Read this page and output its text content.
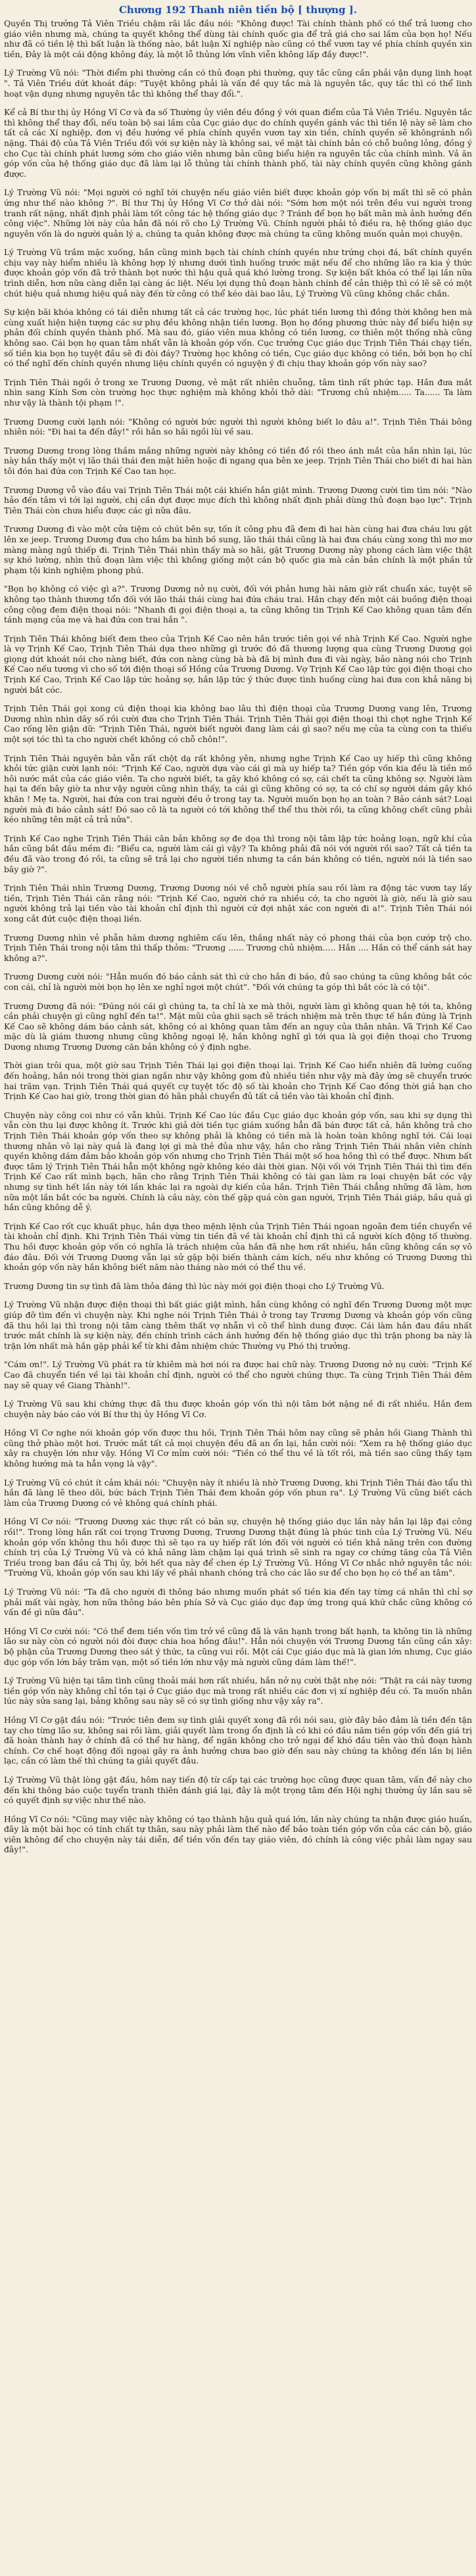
Chương 192 Thanh niên tiền bộ [ thượng ].

Quyền Thị trưởng Tả Viên Triều chậm rãi lắc đầu nói: "Không được! Tài chính thành phố có thể trả lương cho giáo viên nhưng mà, chúng ta quyết không thể dùng tài chính quốc gia để trả giá cho sai lầm của bọn họ! Nếu như đã có tiền lệ thì bất luận là thống nào, bắt luận Xí nghiệp nào cũng có thể vươn tay về phía chính quyền xin tiền, Đây là một cái động không đáy, là một lỗ thủng lớn vĩnh viễn không lấp đầy được!".

Lý Trường Vũ nói: "Thời điểm phi thường cần có thủ đoạn phi thường, quy tắc cũng cần phải vận dụng linh hoạt ". Tả Viên Triều dứt khoát đáp: "Tuyệt không phải là vấn đề quy tắc mà là nguyên tắc, quy tắc thì có thể linh hoạt vận dụng nhưng nguyên tắc thì không thể thay đổi.".

Kể cả Bí thư thị ủy Hồng Vĩ Cơ và đa số Thường ủy viên đều đồng ý với quan điểm của Tả Viên Triều. Nguyên tắc thì không thể thay đổi, nếu toàn bộ sai lầm của Cục giáo dục do chính quyền gánh vác thì tiền lệ này sẽ làm cho tất cả các Xí nghiệp, đơn vị đều hướng về phía chính quyền vươn tay xin tiền, chính quyền sẽ khôngránh nổi nặng. Thái độ của Tả Viên Triều đối với sự kiện này là không sai, về mặt tài chính bản có chỗ buông lỏng, đồng ý cho Cục tài chính phát lương sớm cho giáo viên nhưng bản cũng biểu hiện ra nguyên tắc của chính mình. Vả ăn góp vốn của hệ thống giáo dục đã làm lại lỗ thủng tài chính thành phố, tài này chính quyền cũng không gánh được.

Lý Trường Vũ nói: "Mọi người có nghĩ tới chuyện nếu giáo viên biết được khoản góp vốn bị mất thì sẽ có phản ứng như thế nào không ?". Bí thư Thị ủy Hồng Vĩ Cơ thở dài nói: "Sớm hơn một nói trên đều vui người trong tranh rất nặng, nhất định phải làm tốt công tác hệ thống giáo dục ? Tránh để bọn họ bất mãn mà ảnh hưởng đến công việc". Những lời này của hắn đã nói rõ cho Lý Trường Vũ. Chính người phải tỏ điều ra, hệ thống giáo dục nguyên vốn là do người quản lý a, chúng ta quản không được mà chúng ta cũng không muốn quản mọi chuyện.

Lý Trường Vũ trầm mặc xuống, hắn cũng minh bạch tài chính chính quyền như trứng chọi đá, bất chính quyền chịu vay này hiểm nhiều là không hợp lý nhưng dưới tình huống trước mặt nếu để cho những lão ra kia ý thức được khoản góp vốn đã trở thành bọt nước thì hậu quả quá khó lường trong. Sự kiện bất khóa có thể lại lần nữa trình diễn, hơn nữa càng diễn lại càng ác liệt. Nếu lợi dụng thủ đoạn hành chính để cản thiệp thì có lẽ sẽ có một chút hiệu quả nhưng hiệu quả này đến từ công có thể kéo dài bao lâu, Lý Trường Vũ cũng không chắc chắn.

Sự kiện bãi khóa không có tái diễn nhưng tất cả các trường học, lúc phát tiền lương thì đồng thời không hen mà cùng xuất hiện hiện tượng các sư phụ đều không nhận tiền lương. Bọn họ đồng phương thức này để biểu hiện sự phản đối chính quyền thành phố. Mà sau đó, giáo viên mua không có tiền lương, cơ thiên một thống nhà cũng không sao. Cái bọn họ quan tâm nhất vẫn là khoản góp vốn. Cục trưởng Cục giáo dục Trịnh Tiên Thái chạy tiền, số tiền kia bọn họ tuyệt đầu sẽ đi đòi đáy? Trường học không có tiền, Cục giáo dục không có tiền, bởi bọn họ chỉ có thể nghĩ đến chính quyền nhưng liệu chính quyền có nguyện ý đi chịu thay khoản góp vốn này sao?

Trịnh Tiên Thái ngồi ở trong xe Trương Dương, vẻ mặt rất nhiên chuỗng, tâm tình rất phức tạp. Hắn đưa mắt nhìn sang Kính Sơn còn trường học thực nghiệm mà không khỏi thở dài: "Trương chủ nhiệm..... Ta...... Ta làm như vậy là thành tội phạm !".

Trương Dương cười lạnh nói: "Không có người bức người thì người không biết lo đâu a!". Trịnh Tiên Thái bông nhiên nói: "Đi hai ta đến đây!" rồi hắn so hãi ngồi lùi về sau.

Trương Dương trong lòng thầm mắng những người này không có tiền đồ rồi theo ánh mắt của hắn nhìn lại, lúc này hắn thấy một vị lão thái thái đen mặt hiên hoặc đi ngang qua bên xe jeep. Trịnh Tiên Thái cho biết đi hai hàn tôi đón hai đứa con Trịnh Kế Cao tan học.

Trương Dương vỗ vào đầu vai Trịnh Tiên Thái một cái khiến hắn giật mình. Trương Dương cười tìm tìm nói: "Nào hảo đến tâm vì tới lại người, chị cần dựt được mục đích thì không nhất định phải dùng thủ đoạn bạo lực". Trịnh Tiên Thái còn chưa hiểu được các gì nữa đâu.

Trương Dương đi vào một cửa tiệm có chút bên sự, tốn ít công phu đã đem đi hai hàn cùng hai đưa cháu lưu gặt lên xe jeep. Trương Dương đưa cho hắm ba hình bồ sung, lão thái thái cũng là hai đưa cháu cùng xong thì mơ mơ màng màng ngủ thiếp đi. Trịnh Tiên Thái nhìn thấy mà so hãi, gặt Trương Dương này phong cách làm việc thật sự khó lường, nhìn thủ đoạn làm việc thì không giống một cán bộ quốc gia mà cản bản chính là một phần tử phạm tội kinh nghiệm phong phú.

"Bọn họ không có việc gì a?". Trương Dương nở nụ cười, đối với phản hưng hài năm giờ rất chuẩn xác, tuyệt sẽ không tạo thành thương tổn đối với lão thái thái cùng hai đứa cháu trai. Hắn chạy đến một cái buồng điện thoại công cộng đem điện thoại nói: "Nhanh đi gọi điện thoại a, ta cũng không tin Trịnh Kế Cao không quan tâm đến tánh mạng của mẹ và hai đứa con trai hắn ".

Trịnh Tiên Thái không biết đem theo của Trịnh Kế Cao nên hắn trước tiên gọi về nhà Trịnh Kế Cao. Người nghe là vợ Trịnh Kế Cao, Trịnh Tiên Thái dựa theo những gì trước đó đã thương lượng qua cùng Trương Dương gọi giọng dứt khoát nói cho nàng biết, đứa con nàng cùng bà bà đã bị mình đưa đi vài ngày, bảo nàng nói cho Trịnh Kế Cao nếu tương vì cho số tới điện thoại số Hồng của Trương Dương. Vợ Trịnh Kế Cao lập tức gọi điện thoại cho Trịnh Kế Cao, Trịnh Kế Cao lập tức hoảng sợ, hắn lập tức ý thức được tình huống cùng hai đưa con khả năng bị người bắt cóc.

Trịnh Tiên Thái gọi xong cú điện thoại kia không bao lâu thì điện thoại của Trương Dương vang lên, Trương Dương nhìn nhìn dãy số rồi cười đưa cho Trịnh Tiên Thái. Trịnh Tiên Thái gọi điện thoại thì chợt nghe Trịnh Kế Cao rống lên giận dữ: "Trịnh Tiên Thái, người biết người đang làm cái gì sao? nếu mẹ của ta cùng con ta thiếu một sợi tóc thì ta cho người chết không có chỗ chôn!".

Trịnh Tiên Thái nguyên bản vẫn rất chột dạ rất không yên, nhưng nghe Trịnh Kế Cao uy hiếp thì cũng không khỏi tức giận cười lạnh nói: "Trịnh Kế Cao, người dựa vào cái gì mà uy hiếp ta? Tiền góp vốn kia đều là tiền mồ hôi nước mắt của các giáo viên. Ta cho người biết, ta gây khó không có sợ, cái chết ta cũng không sợ. Người làm hại ta đến bây giờ ta như vậy người cũng nhìn thấy, ta cái gì cũng không có sợ, ta có chí sợ người dám gây khó khăn ! Mẹ ta. Người, hai đứa con trai người đều ở trong tay ta. Người muốn bọn họ an toàn ? Bảo cánh sát? Loại người mà đi báo cảnh sát! Đó sao cô là ta người có tới không thể thể thu thời rồi, ta cũng không chết cũng phải kéo những tên mặt cả trả nửa".

Trịnh Kế Cao nghe Trịnh Tiên Thái căn bản không sợ đe dọa thì trong nội tâm lập tức hoảng loạn, ngữ khí của hắn cũng bắt đầu mềm đi: "Biểu ca, người làm cái gì vậy? Ta không phải đã nói với người rồi sao? Tất cả tiền ta đều đã vào trong đó rồi, ta cũng sẽ trả lại cho người tiền nhưng ta cần bán không có tiền, người nói là tiền sao bây giờ ?".

Trịnh Tiên Thái nhìn Trương Dương, Trương Dương nói về chỗ người phía sau rồi làm ra động tác vươn tay lấy tiền, Trịnh Tiên Thái căn rằng nói: "Trịnh Kế Cao, người chớ ra nhiều cớ, ta cho người là giờ, nếu là giờ sau người không trả lại tiền vào tài khoản chỉ định thì người cứ đợi nhặt xác con người đi a!". Trịnh Tiên Thái nói xong cắt đứt cuộc điện thoại liền.

Trương Dương nhìn vẻ phẫn hăm dương nghiêm cấu lên, thắng nhất này có phong thái của bọn cướp trộ cho. Trịnh Tiên Thái trong nội tâm thì thấp thỏm: "Trương ...... Trương chủ nhiệm..... Hắn .... Hắn có thể cánh sát hay không a?".

Trương Dương cười nói: "Hẳn muốn đó báo cảnh sát thì cứ cho hắn đi báo, đủ sao chúng ta cũng không bắt cóc con cái, chỉ là người mời bọn họ lên xe nghỉ ngơi một chút". "Đối với chúng ta góp thì bắt cóc là có tội".

Trương Dương đã nói: "Đúng nói cái gì chúng ta, ta chỉ là xe mà thôi, người làm gì không quan hệ tới ta, không cần phải chuyện gì cũng nghĩ đến ta!". Mặt mũi của ghii sạch sẽ trách nhiệm mà trên thực tế hắn đúng là Trịnh Kế Cao sẽ không dám báo cảnh sát, không có ai không quan tâm đến an nguy của thân nhân. Vã Trịnh Kế Cao mặc dù là giám thương nhưng cũng không ngoại lệ, hắn không nghĩ gì tới qua là gọi điện thoại cho Trương Dương nhưng Trương Dương căn bản không có ý định nghe.

Thời gian trôi qua, một giờ sau Trịnh Tiên Thái lại gọi điện thoại lại. Trịnh Kế Cao hiển nhiên đã lường cuống đến hoảng, hắn nói trong thời gian ngắn như vậy không gom đủ nhiều tiền như vậy mà đây ứng sẽ chuyển trước hai trăm vạn. Trịnh Tiên Thái quá quyết cự tuyệt tốc độ số tài khoản cho Trịnh Kế Cao đồng thời giả hạn cho Trịnh Kế Cao hai giờ, trong thời gian đó hãn phải chuyển đủ tất cả tiền vào tài khoản chỉ định.

Chuyện này công coi như có vẫn khủi. Trịnh Kế Cao lúc đầu Cục giáo dục khoản góp vốn, sau khi sự dụng thì vẫn còn thu lại được không ít. Trước khi giả dời tiền tục giám xuống hẳn đã bán được tất cả, hắn không trả cho Trịnh Tiên Thái khoản góp vốn theo sự không phải là không có tiền mà là hoàn toàn không nghĩ tới. Cái loại thương nhân vô lại này quả là đang lợi gì mà thẻ đủa như vậy, hắn cho rằng Trịnh Tiên Thái nhân viên chính quyền không dám đảm bảo khoản góp vốn nhưng cho Trịnh Tiên Thái một số hoa hồng thì có thể được. Nhưn bất được tâm lý Trịnh Tiên Thái hẳn một không ngờ không kéo dài thời gian. Nội vối với Trịnh Tiên Thái thì tìm đến Trịnh Kế Cao rất mình bạch, hãn cho rằng Trịnh Tiên Thái không có tài gan làm ra loại chuyện bắt cóc vậy nhưng sự tình hết lần này tới lần khác lại ra ngoài dự kiến của hắn. Trịnh Tiên Thái chẳng những đã làm, hơn nữa một lần bắt cóc ba người. Chính là câu này, còn thế gặp quá còn gan người, Trịnh Tiên Thái giáp, hầu quả gì hắn cũng không dễ ý.

Trịnh Kế Cao rốt cục khuất phục, hắn dựa theo mệnh lệnh của Trịnh Tiên Thái ngoan ngoãn đem tiền chuyển về tài khoản chỉ định. Khi Trịnh Tiên Thái vừng tin tiền đã về tài khoản chỉ định thì cả người kích động tố thường. Thu hồi được khoản góp vốn có nghĩa là trách nhiệm của hắn đã nhẹ hơn rất nhiều, hắn cũng không cần sợ vô đáo đâu. Đối với Trương Dương vẫn lại sử gặp bội biến thành cám kích, nếu như không có Trương Dương thì khoản góp vốn này hắn không biết năm nào tháng nào mới có thể thu về.

Trương Dương tin sự tình đã làm thỏa đáng thì lúc này mới gọi điện thoại cho Lý Trường Vũ.

Lý Trường Vũ nhận được điện thoại thì bất giác giật mình, hắn cùng không có nghĩ đến Trương Dương một mực giúp đỡ tìm đến vì chuyện này. Khi nghe nói Trịnh Tiên Thái ở trong tay Trương Dương và khoản góp vốn cũng đã thu hồi lại thì trong nội tâm càng thêm thất vợ nhẫn vì cô thể hình dung được. Cái làm hắn đau đầu nhất trước mắt chính là sự kiện này, đến chính trình cách ánh hưởng đến hệ thống giáo dục thì trận phong ba này là trận lớn nhất mà hắn gặp phải kể từ khi đảm nhiệm chức Thường vụ Phó thị trưởng.

"Cám ơn!". Lý Trường Vũ phát ra từ khiêm mà hơi nói ra được hai chữ này. Trương Dương nở nụ cười: "Trịnh Kế Cao đã chuyển tiền về lại tài khoản chỉ định, người có thể cho người chúng thực. Ta cùng Trịnh Tiên Thái đêm nay sẽ quay về Giang Thành!".

Lý Trường Vũ sau khi chứng thực đã thu được khoản góp vốn thì nội tâm bớt nặng nề đi rất nhiều. Hắn đem chuyện này báo cáo với Bí thư thị ủy Hồng Vĩ Cơ.

Hồng Vĩ Cơ nghe nói khoản góp vốn được thu hồi, Trịnh Tiên Thái hôm nay cũng sẽ phản hồi Giang Thành thì cũng thở phào một hơi. Trước mắt tất cả mọi chuyện đều đã an ổn lại, hắn cười nói: "Xem ra hệ thống giáo dục xây ra chuyện lớn như vậy. Hồng Vĩ Cơ mỉm cười nói: "Tiền có thể thu về là tốt rồi, mà tiền sao cũng thấy tạm không hướng mà ta hẳn vọng là vậy".

Lý Trường Vũ có chút ít cảm khái nói: "Chuyện này ít nhiều là nhờ Trương Dương, khi Trịnh Tiên Thái đào tẩu thì hắn đã làng lẽ theo dõi, bức bách Trịnh Tiên Thái đem khoản góp vốn phun ra". Lý Trường Vũ cũng biết cách làm của Trương Dương có vẻ không quá chính phái.

Hồng Vĩ Cơ nói: "Trương Dương xác thực rất có bản sự, chuyện hệ thống giáo dục lần này hắn lại lập đại công rồi!". Trong lòng hắn rất coi trọng Trương Dương, Trương Dương thật đúng là phúc tinh của Lý Trường Vũ. Nếu khoản góp vốn không thu hồi được thì sẽ tạo ra uy hiếp rất lớn đối với người có tiền khả năng trên con đường chính trị của Lý Trường Vũ và có khả năng làm chậm lại quá trình sẽ sinh ra ngay cơ chứng tăng của Tả Viên Triều trong ban đầu cả Thị ủy, bởi hết qua này để chen ép Lý Trường Vũ. Hồng Vĩ Cơ nhắc nhở nguyên tắc nói: "Trường Vũ, khoản góp vốn sau khi lấy về phải nhanh chóng trả cho các lão sư để cho bọn họ có thể an tâm".

Lý Trường Vũ nói: "Ta đã cho người đi thông báo nhưng muốn phát số tiền kia đến tay từng cá nhân thì chỉ sợ phải mất vài ngày, hơn nữa thông báo bên phía Sở và Cục giáo dục đạp ứng trong quá khứ chắc cũng không có vấn đề gì nữa đâu".

Hồng Vĩ Cơ cười nói: "Có thể đem tiền vốn tìm trở về cũng đã là văn hạnh trong bất hạnh, ta không tin là những lão sư này còn có người nói đòi được chia hoa hồng đâu!". Hẳn nói chuyện với Trương Dương tần cũng cần xây: bộ phận của Trương Dương theo sát ý thức, ta cũng vui rồi. Một cái Cục giáo dục mà là gian lớn nhưng, Cục giáo dục góp vốn lớn bảy trăm vạn, một số tiền lớn như vậy mà người cũng dám làm thế!".

Lý Trường Vũ hiện tại tâm tình cũng thoải mái hơn rất nhiều, hắn nở nụ cười thật nhẹ nói: "Thật ra cái này tương tiền góp vốn này không chỉ tồn tại ở Cục giáo dục mà trong rất nhiều các đơn vị xí nghiệp đều có. Ta muốn nhân lúc này sửa sang lại, bảng không sau này sẽ có sự tình giống như vậy xảy ra".

Hồng Vĩ Cơ gật đầu nói: "Trước tiên đem sự tình giải quyết xong đã rồi nói sau, giờ đây bảo đảm là tiền đến tận tay cho từng lão sư, không sai rồi làm, giải quyết làm trong ổn định là có khi có đầu năm tiền góp vốn đến giá trị đã hoàn thành hay ở chính đã có thể hư hàng, để ngăn không cho trở ngại để khó đầu tiên vào thủ đoạn hành chính. Cơ chế hoạt động đối ngoại gây ra ảnh hưởng chưa bao giờ đến sau này chúng ta không đến lần bị liên lạc, cần có làm thế thì chúng ta giải quyết đâu.

Lý Trường Vũ thật lòng gật đầu, hôm nay tiến độ từ cấp tại các trường học cũng được quan tâm, vấn đề này cho đến khi thông báo cuộc tuyển tranh thiên đánh giá lại, đây là một trọng tâm đến Hội nghị thường ủy lần sau sẽ có quyết định sự việc như thế nào.

Hồng Vĩ Cơ nói: "Cũng may việc này không có tạo thành hậu quả quá lớn, lần này chúng ta nhận được giáo huấn, đây là một bài học có tính chất tự thân, sau này phải làm thế nào để bảo toàn tiền góp vốn của các cán bộ, giáo viên không để cho chuyện này tái diễn, để tiền vốn đến tay giáo viên, đó chính là công việc phải làm ngay sau đây!".
